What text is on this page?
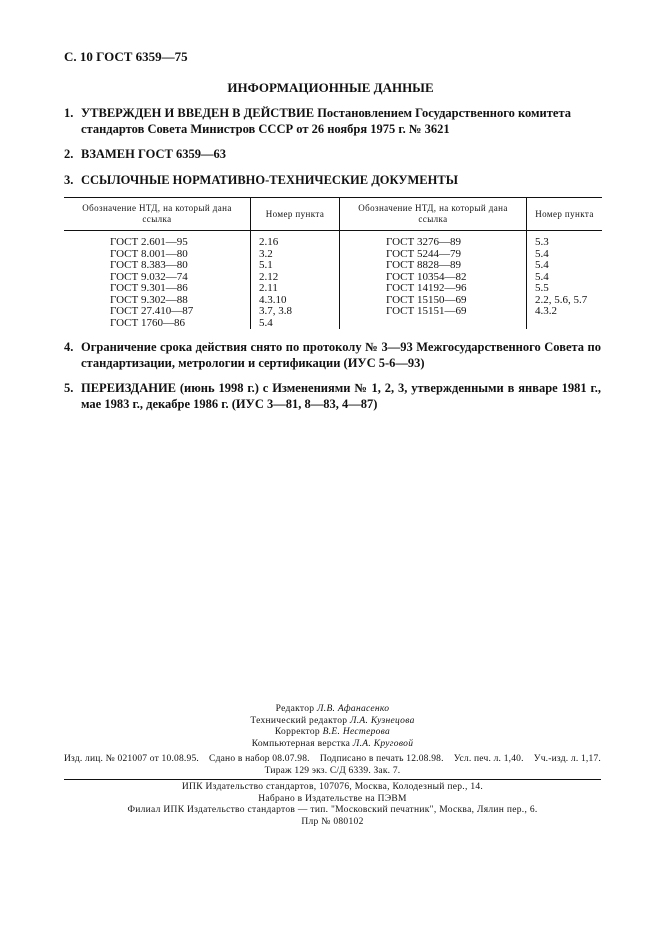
С. 10 ГОСТ 6359—75
ИНФОРМАЦИОННЫЕ ДАННЫЕ
1. УТВЕРЖДЕН И ВВЕДЕН В ДЕЙСТВИЕ Постановлением Государственного комитета стандартов Совета Министров СССР от 26 ноября 1975 г. № 3621
2. ВЗАМЕН ГОСТ 6359—63
3. ССЫЛОЧНЫЕ НОРМАТИВНО-ТЕХНИЧЕСКИЕ ДОКУМЕНТЫ
Обозначение НТД, на который дана ссылка	Номер пункта	Обозначение НТД, на который дана ссылка	Номер пункта
ГОСТ 2.601—95	2.16	ГОСТ 3276—89	5.3
ГОСТ 8.001—80	3.2	ГОСТ 5244—79	5.4
ГОСТ 8.383—80	5.1	ГОСТ 8828—89	5.4
ГОСТ 9.032—74	2.12	ГОСТ 10354—82	5.4
ГОСТ 9.301—86	2.11	ГОСТ 14192—96	5.5
ГОСТ 9.302—88	4.3.10	ГОСТ 15150—69	2.2, 5.6, 5.7
ГОСТ 27.410—87	3.7, 3.8	ГОСТ 15151—69	4.3.2
ГОСТ 1760—86	5.4		
4. Ограничение срока действия снято по протоколу № 3—93 Межгосударственного Совета по стандартизации, метрологии и сертификации (ИУС 5-6—93)
5. ПЕРЕИЗДАНИЕ (июнь 1998 г.) с Изменениями № 1, 2, 3, утвержденными в январе 1981 г., мае 1983 г., декабре 1986 г. (ИУС 3—81, 8—83, 4—87)
Редактор Л.В. Афанасенко
Технический редактор Л.А. Кузнецова
Корректор В.Е. Нестерова
Компьютерная верстка Л.А. Круговой
Изд. лиц. № 021007 от 10.08.95. Сдано в набор 08.07.98. Подписано в печать 12.08.98. Усл. печ. л. 1,40. Уч.-изд. л. 1,17.
Тираж 129 экз. С/Д 6339. Зак. 7.
ИПК Издательство стандартов, 107076, Москва, Колодезный пер., 14.
Набрано в Издательстве на ПЭВМ
Филиал ИПК Издательство стандартов — тип. "Московский печатник", Москва, Лялин пер., 6.
Плр № 080102
